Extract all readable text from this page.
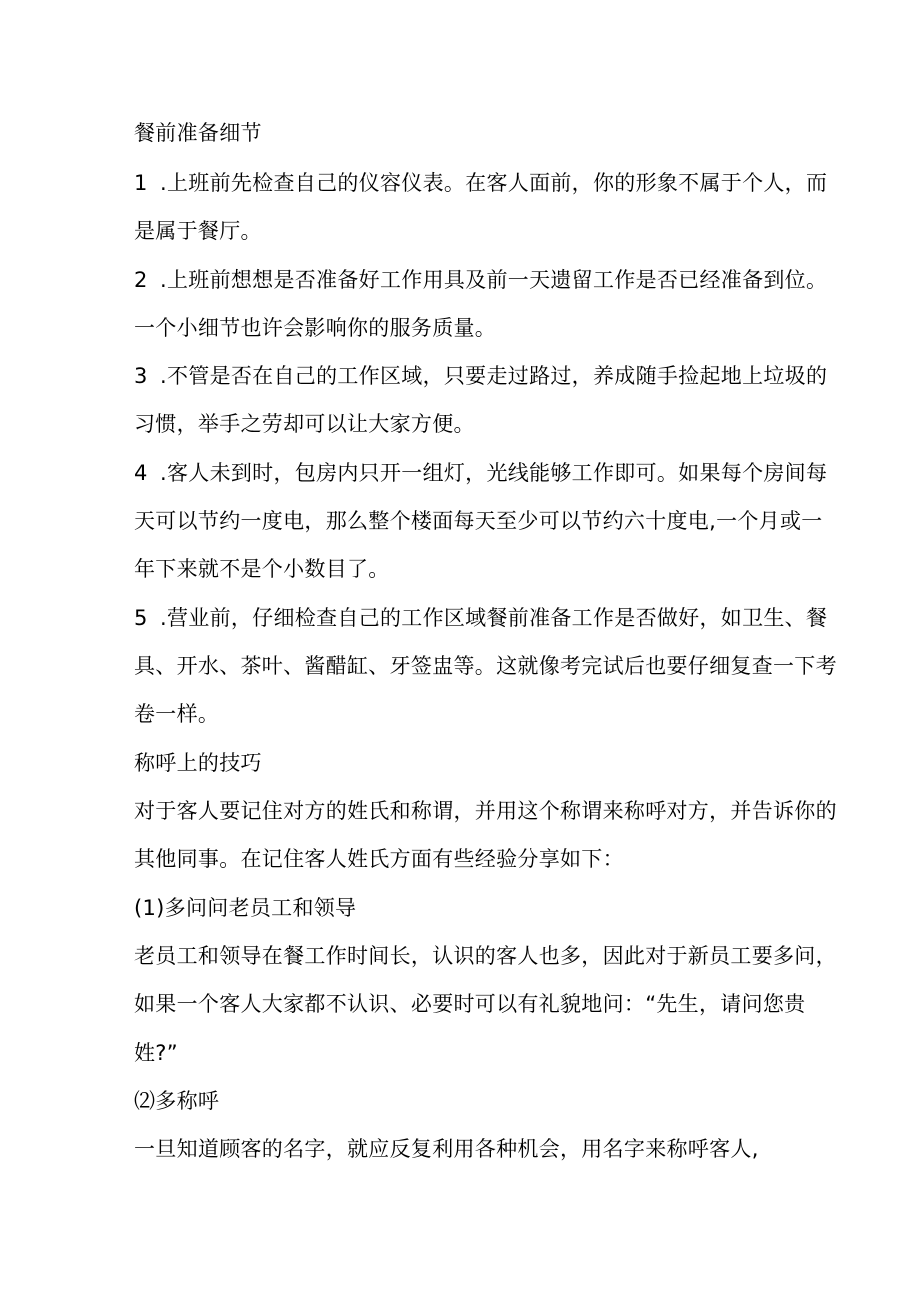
餐前准备细节

1 .上班前先检查自己的仪容仪表。在客人面前，你的形象不属于个人，而

是属于餐厅。

2 .上班前想想是否准备好工作用具及前一天遗留工作是否已经准备到位。

一个小细节也许会影响你的服务质量。

3 .不管是否在自己的工作区域，只要走过路过，养成随手捡起地上垃圾的

习惯，举手之劳却可以让大家方便。

4 .客人未到时，包房内只开一组灯，光线能够工作即可。如果每个房间每

天可以节约一度电，那么整个楼面每天至少可以节约六十度电,一个月或一

年下来就不是个小数目了。

5 .营业前，仔细检查自己的工作区域餐前准备工作是否做好，如卫生、餐

具、开水、茶叶、酱醋缸、牙签盅等。这就像考完试后也要仔细复查一下考

卷一样。

称呼上的技巧

对于客人要记住对方的姓氏和称谓，并用这个称谓来称呼对方，并告诉你的

其他同事。在记住客人姓氏方面有些经验分享如下：

(1)多问问老员工和领导

老员工和领导在餐工作时间长，认识的客人也多，因此对于新员工要多问，

如果一个客人大家都不认识、必要时可以有礼貌地问：“先生，请问您贵

姓?”

⑵多称呼

一旦知道顾客的名字，就应反复利用各种机会，用名字来称呼客人,
